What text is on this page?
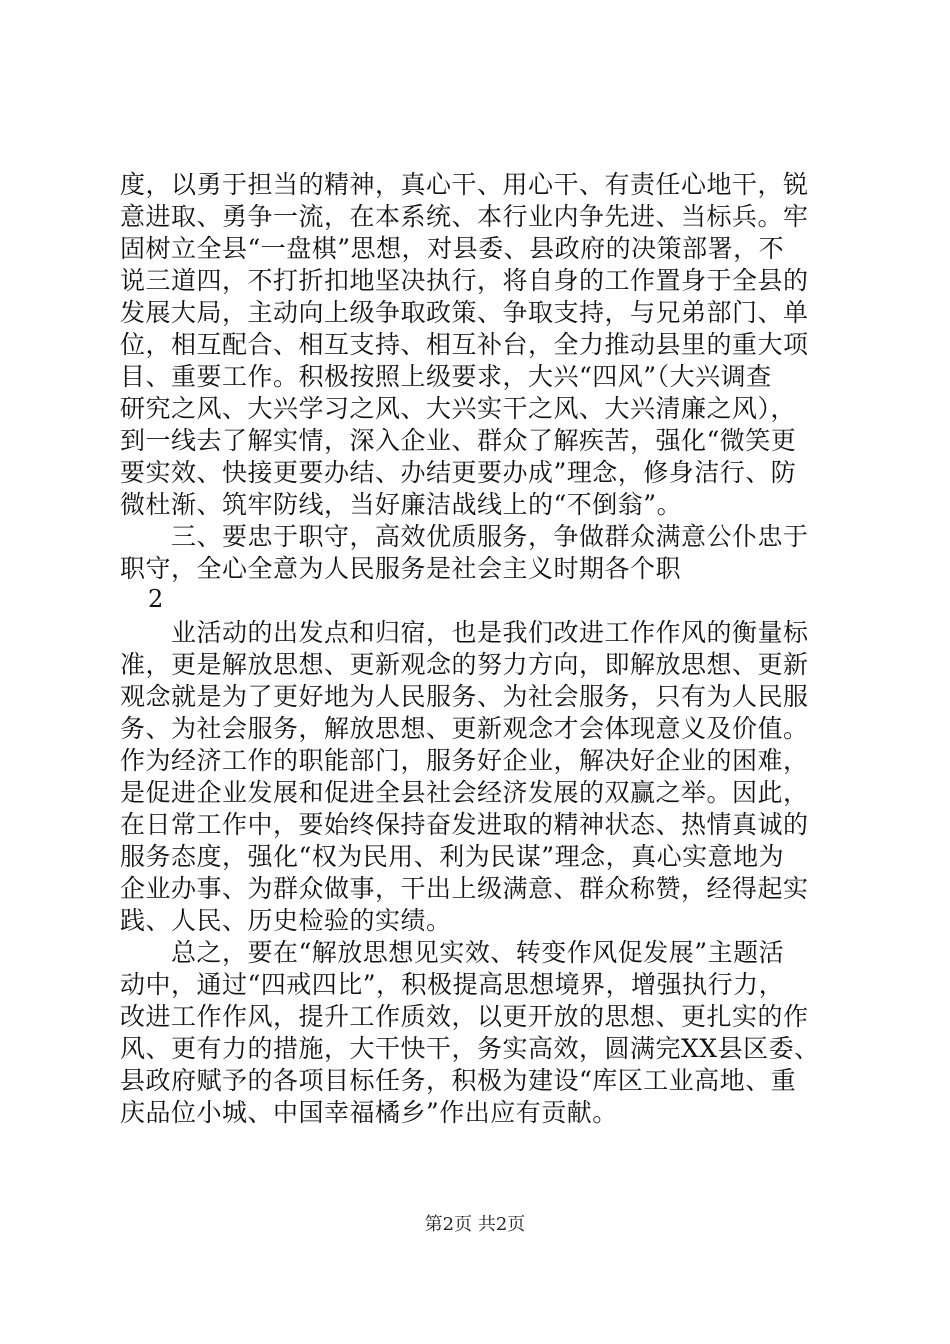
度，以勇于担当的精神，真心干、用心干、有责任心地干，锐
意进取、勇争一流，在本系统、本行业内争先进、当标兵。牢
固树立全县“一盘棋”思想，对县委、县政府的决策部署，不
说三道四，不打折扣地坚决执行，将自身的工作置身于全县的
发展大局，主动向上级争取政策、争取支持，与兄弟部门、单
位，相互配合、相互支持、相互补台，全力推动县里的重大项
目、重要工作。积极按照上级要求，大兴“四风”（大兴调查
研究之风、大兴学习之风、大兴实干之风、大兴清廉之风），
到一线去了解实情，深入企业、群众了解疾苦，强化“微笑更
要实效、快接更要办结、办结更要办成”理念，修身洁行、防
微杜渐、筑牢防线，当好廉洁战线上的“不倒翁”。
　　三、要忠于职守，高效优质服务，争做群众满意公仆忠于
职守，全心全意为人民服务是社会主义时期各个职
2
　　业活动的出发点和归宿，也是我们改进工作作风的衡量标
准，更是解放思想、更新观念的努力方向，即解放思想、更新
观念就是为了更好地为人民服务、为社会服务，只有为人民服
务、为社会服务，解放思想、更新观念才会体现意义及价值。
作为经济工作的职能部门，服务好企业，解决好企业的困难，
是促进企业发展和促进全县社会经济发展的双赢之举。因此，
在日常工作中，要始终保持奋发进取的精神状态、热情真诚的
服务态度，强化“权为民用、利为民谋”理念，真心实意地为
企业办事、为群众做事，干出上级满意、群众称赞，经得起实
践、人民、历史检验的实绩。
　　总之，要在“解放思想见实效、转变作风促发展”主题活
动中，通过“四戒四比”，积极提高思想境界，增强执行力，
改进工作作风，提升工作质效，以更开放的思想、更扎实的作
风、更有力的措施，大干快干，务实高效，圆满完XX县区委、
县政府赋予的各项目标任务，积极为建设“库区工业高地、重
庆品位小城、中国幸福橘乡”作出应有贡献。
第2页 共2页
